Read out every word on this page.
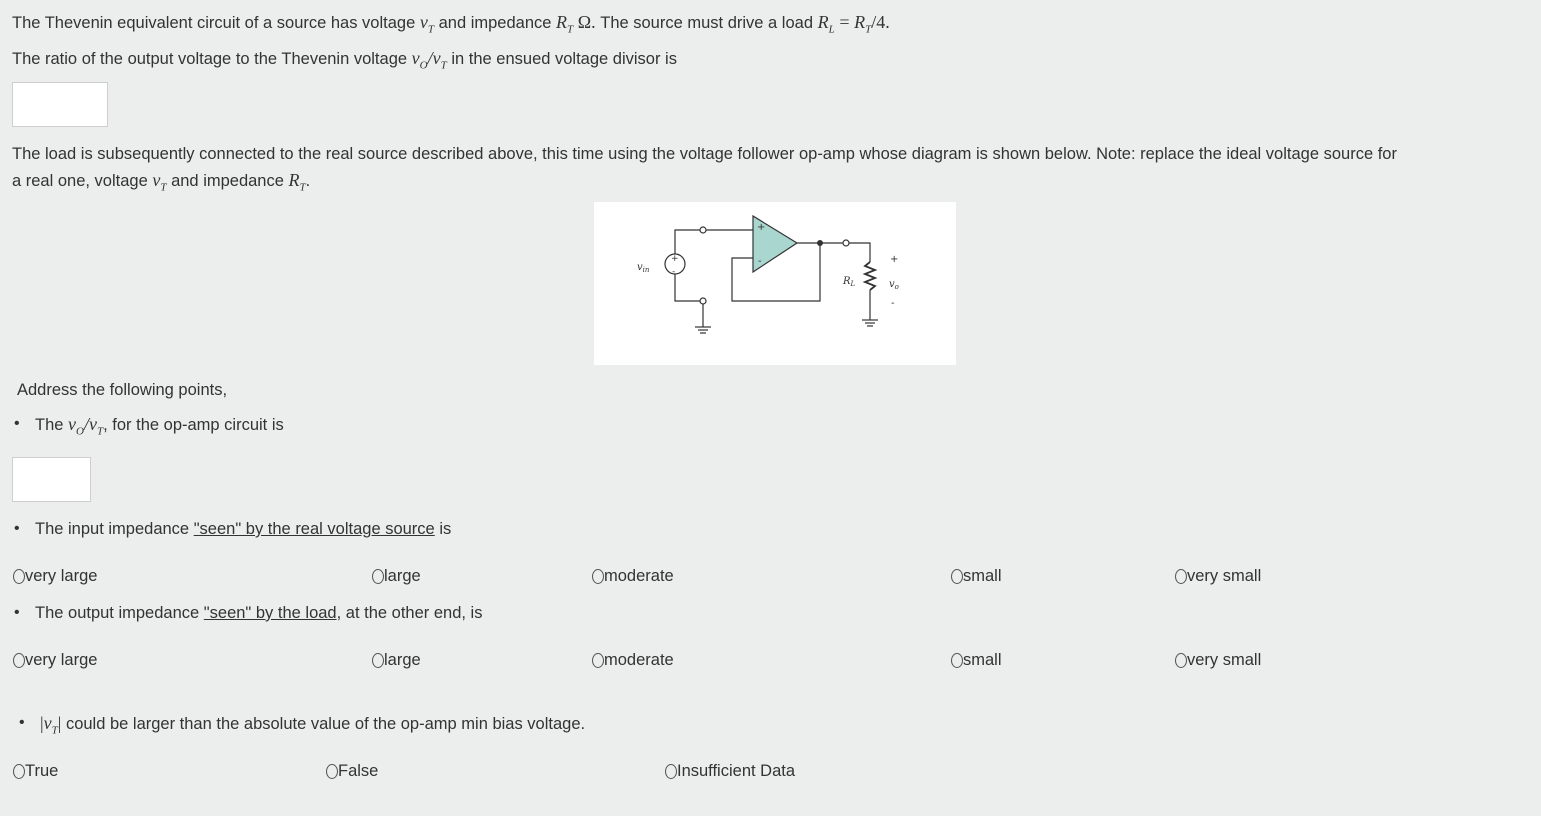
The Thevenin equivalent circuit of a source has voltage $v_T$ and impedance $R_T$ Ω. The source must drive a load $R_L = R_T/4$.
The ratio of the output voltage to the Thevenin voltage $v_O/v_T$ in the ensued voltage divisor is
The load is subsequently connected to the real source described above, this time using the voltage follower op-amp whose diagram is shown below. Note: replace the ideal voltage source for
a real one, voltage $v_T$ and impedance $R_T$.
+
-
+
-
$v_{in}$
$R_L$
+
$v_o$
-
Address the following points,
• The $v_O/v_T$, for the op-amp circuit is
• The input impedance "seen" by the real voltage source is
very large	large	moderate	small	very small
• The output impedance "seen" by the load, at the other end, is
very large	large	moderate	small	very small
• $|v_T|$ could be larger than the absolute value of the op-amp min bias voltage.
True	False	Insufficient Data
